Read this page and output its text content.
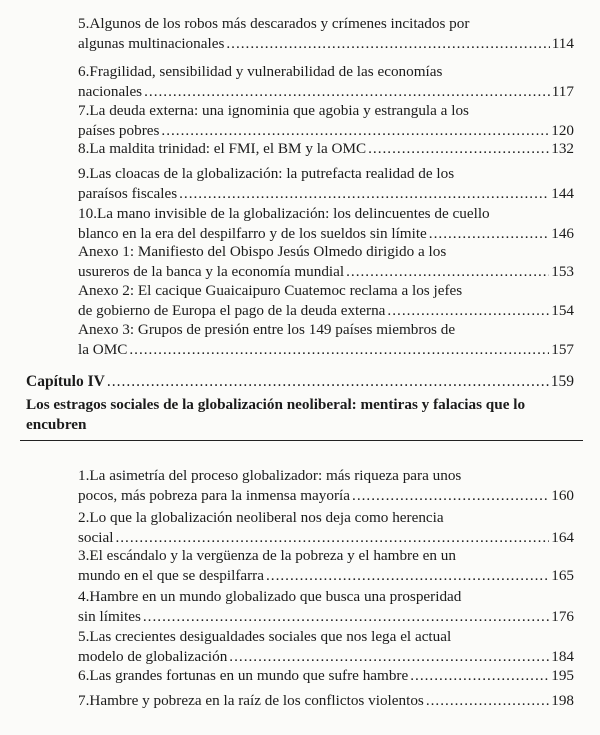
5.Algunos de los robos más descarados y crímenes incitados por
algunas multinacionales .....	114
6.Fragilidad, sensibilidad y vulnerabilidad de las economías
nacionales .....	117
7.La deuda externa: una ignominia que agobia y estrangula a los
países pobres .....	120
8.La maldita trinidad: el FMI, el BM y la OMC .....	132
9.Las cloacas de la globalización: la putrefacta realidad de los
paraísos fiscales .....	144
10.La mano invisible de la globalización: los delincuentes de cuello
blanco en la era del despilfarro y de los sueldos sin límite .....	146
Anexo 1: Manifiesto del Obispo Jesús Olmedo dirigido a los
usureros de la banca y la economía mundial .....	153
Anexo 2: El cacique Guaicaipuro Cuatemoc reclama a los jefes
de gobierno de Europa el pago de la deuda externa .....	154
Anexo 3: Grupos de presión entre los 149 países miembros de
la OMC .....	157
Capítulo IV .....	159
Los estragos sociales de la globalización neoliberal: mentiras y falacias que lo encubren
1.La asimetría del proceso globalizador: más riqueza para unos
pocos, más pobreza para la inmensa mayoría .....	160
2.Lo que la globalización neoliberal nos deja como herencia
social .....	164
3.El escándalo y la vergüenza de la pobreza y el hambre en un
mundo en el que se despilfarra .....	165
4.Hambre en un mundo globalizado que busca una prosperidad
sin límites .....	176
5.Las crecientes desigualdades sociales que nos lega el actual
modelo de globalización .....	184
6.Las grandes fortunas en un mundo que sufre hambre .....	195
7.Hambre y pobreza en la raíz de los conflictos violentos .....	198
